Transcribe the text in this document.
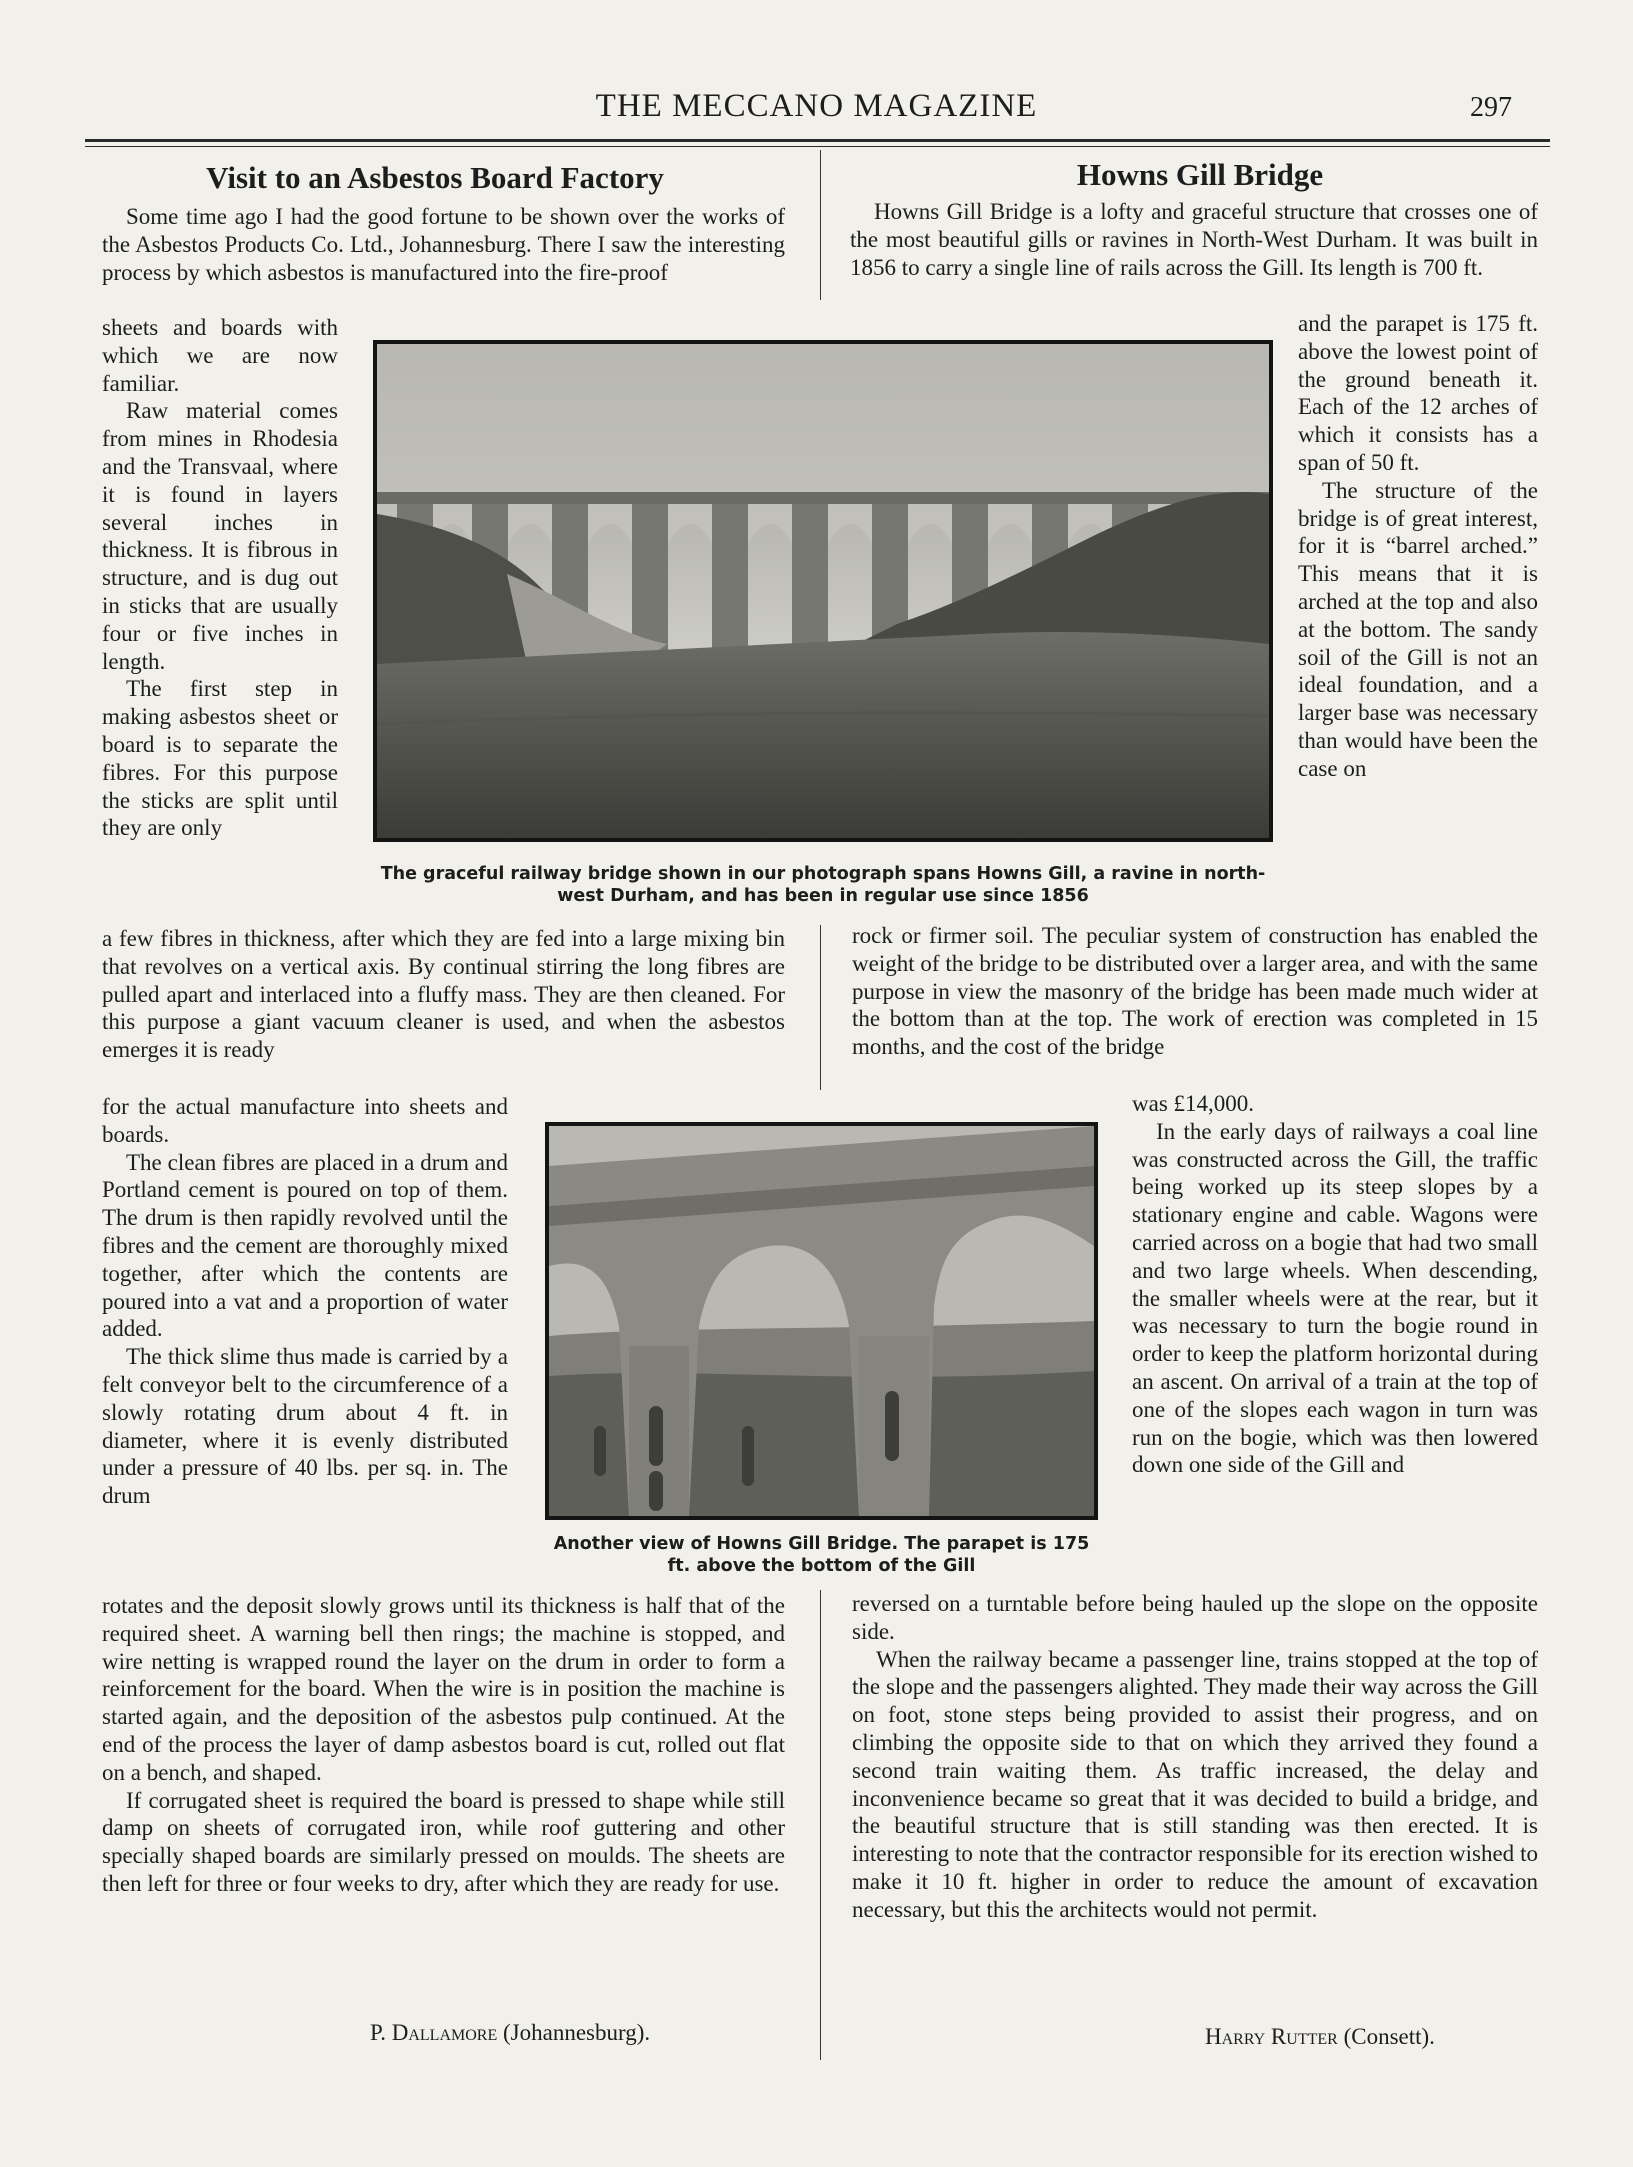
THE MECCANO MAGAZINE	297
Visit to an Asbestos Board Factory

Some time ago I had the good fortune to be shown over the works of the Asbestos Products Co. Ltd., Johannesburg. There I saw the interesting process by which asbestos is manufactured into the fire-proof

sheets and boards with which we are now familiar.

Raw material comes from mines in Rhodesia and the Transvaal, where it is found in layers several inches in thickness. It is fibrous in structure, and is dug out in sticks that are usually four or five inches in length.

The first step in making asbestos sheet or board is to separate the fibres. For this purpose the sticks are split until they are only

a few fibres in thickness, after which they are fed into a large mixing bin that revolves on a vertical axis. By continual stirring the long fibres are pulled apart and interlaced into a fluffy mass. They are then cleaned. For this purpose a giant vacuum cleaner is used, and when the asbestos emerges it is ready

for the actual manufacture into sheets and boards.

The clean fibres are placed in a drum and Portland cement is poured on top of them. The drum is then rapidly revolved until the fibres and the cement are thoroughly mixed together, after which the contents are poured into a vat and a proportion of water added.

The thick slime thus made is carried by a felt conveyor belt to the circumference of a slowly rotating drum about 4 ft. in diameter, where it is evenly distributed under a pressure of 40 lbs. per sq. in. The drum

rotates and the deposit slowly grows until its thickness is half that of the required sheet. A warning bell then rings; the machine is stopped, and wire netting is wrapped round the layer on the drum in order to form a reinforcement for the board. When the wire is in position the machine is started again, and the deposition of the asbestos pulp continued. At the end of the process the layer of damp asbestos board is cut, rolled out flat on a bench, and shaped.

If corrugated sheet is required the board is pressed to shape while still damp on sheets of corrugated iron, while roof guttering and other specially shaped boards are similarly pressed on moulds. The sheets are then left for three or four weeks to dry, after which they are ready for use.

P. Dallamore (Johannesburg).
Howns Gill Bridge

Howns Gill Bridge is a lofty and graceful structure that crosses one of the most beautiful gills or ravines in North-West Durham. It was built in 1856 to carry a single line of rails across the Gill. Its length is 700 ft.

and the parapet is 175 ft. above the lowest point of the ground beneath it. Each of the 12 arches of which it consists has a span of 50 ft.

The structure of the bridge is of great interest, for it is “barrel arched.” This means that it is arched at the top and also at the bottom. The sandy soil of the Gill is not an ideal foundation, and a larger base was necessary than would have been the case on

rock or firmer soil. The peculiar system of construction has enabled the weight of the bridge to be distributed over a larger area, and with the same purpose in view the masonry of the bridge has been made much wider at the bottom than at the top. The work of erection was completed in 15 months, and the cost of the bridge

was £14,000.

In the early days of railways a coal line was constructed across the Gill, the traffic being worked up its steep slopes by a stationary engine and cable. Wagons were carried across on a bogie that had two small and two large wheels. When descending, the smaller wheels were at the rear, but it was necessary to turn the bogie round in order to keep the platform horizontal during an ascent. On arrival of a train at the top of one of the slopes each wagon in turn was run on the bogie, which was then lowered down one side of the Gill and

reversed on a turntable before being hauled up the slope on the opposite side.

When the railway became a passenger line, trains stopped at the top of the slope and the passengers alighted. They made their way across the Gill on foot, stone steps being provided to assist their progress, and on climbing the opposite side to that on which they arrived they found a second train waiting them. As traffic increased, the delay and inconvenience became so great that it was decided to build a bridge, and the beautiful structure that is still standing was then erected. It is interesting to note that the contractor responsible for its erection wished to make it 10 ft. higher in order to reduce the amount of excavation necessary, but this the architects would not permit.

Harry Rutter (Consett).
The graceful railway bridge shown in our photograph spans Howns Gill, a ravine in north-west Durham, and has been in regular use since 1856
Another view of Howns Gill Bridge. The parapet is 175 ft. above the bottom of the Gill
